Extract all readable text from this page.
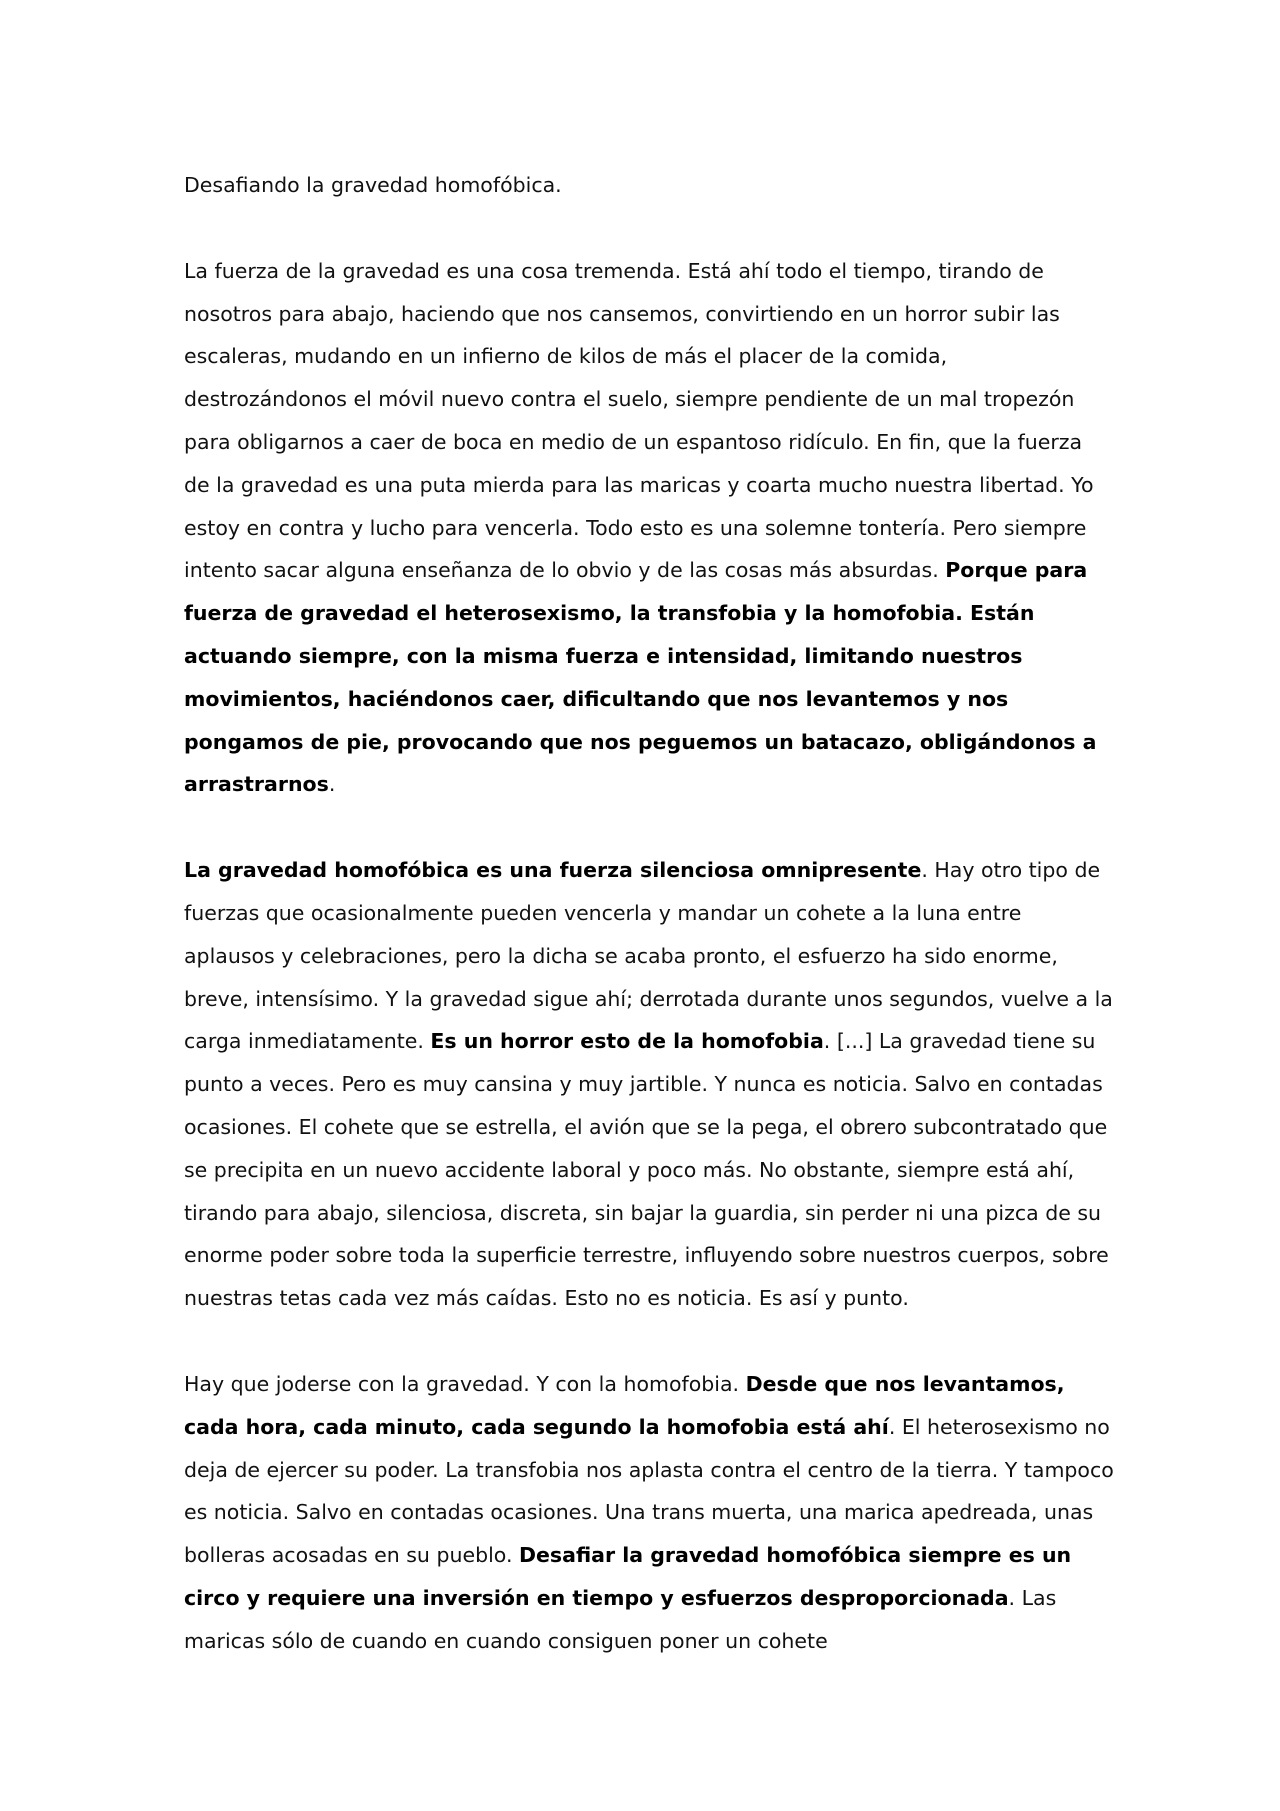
Desafiando la gravedad homofóbica.

La fuerza de la gravedad es una cosa tremenda. Está ahí todo el tiempo, tirando de nosotros para abajo, haciendo que nos cansemos, convirtiendo en un horror subir las escaleras, mudando en un infierno de kilos de más el placer de la comida, destrozándonos el móvil nuevo contra el suelo, siempre pendiente de un mal tropezón para obligarnos a caer de boca en medio de un espantoso ridículo. En fin, que la fuerza de la gravedad es una puta mierda para las maricas y coarta mucho nuestra libertad. Yo estoy en contra y lucho para vencerla. Todo esto es una solemne tontería. Pero siempre intento sacar alguna enseñanza de lo obvio y de las cosas más absurdas. Porque para fuerza de gravedad el heterosexismo, la transfobia y la homofobia. Están actuando siempre, con la misma fuerza e intensidad, limitando nuestros movimientos, haciéndonos caer, dificultando que nos levantemos y nos pongamos de pie, provocando que nos peguemos un batacazo, obligándonos a arrastrarnos.

La gravedad homofóbica es una fuerza silenciosa omnipresente. Hay otro tipo de fuerzas que ocasionalmente pueden vencerla y mandar un cohete a la luna entre aplausos y celebraciones, pero la dicha se acaba pronto, el esfuerzo ha sido enorme, breve, intensísimo. Y la gravedad sigue ahí; derrotada durante unos segundos, vuelve a la carga inmediatamente. Es un horror esto de la homofobia. [...] La gravedad tiene su punto a veces. Pero es muy cansina y muy jartible. Y nunca es noticia. Salvo en contadas ocasiones. El cohete que se estrella, el avión que se la pega, el obrero subcontratado que se precipita en un nuevo accidente laboral y poco más. No obstante, siempre está ahí, tirando para abajo, silenciosa, discreta, sin bajar la guardia, sin perder ni una pizca de su enorme poder sobre toda la superficie terrestre, influyendo sobre nuestros cuerpos, sobre nuestras tetas cada vez más caídas. Esto no es noticia. Es así y punto.

Hay que joderse con la gravedad. Y con la homofobia. Desde que nos levantamos, cada hora, cada minuto, cada segundo la homofobia está ahí. El heterosexismo no deja de ejercer su poder. La transfobia nos aplasta contra el centro de la tierra. Y tampoco es noticia. Salvo en contadas ocasiones. Una trans muerta, una marica apedreada, unas bolleras acosadas en su pueblo. Desafiar la gravedad homofóbica siempre es un circo y requiere una inversión en tiempo y esfuerzos desproporcionada. Las maricas sólo de cuando en cuando consiguen poner un cohete
